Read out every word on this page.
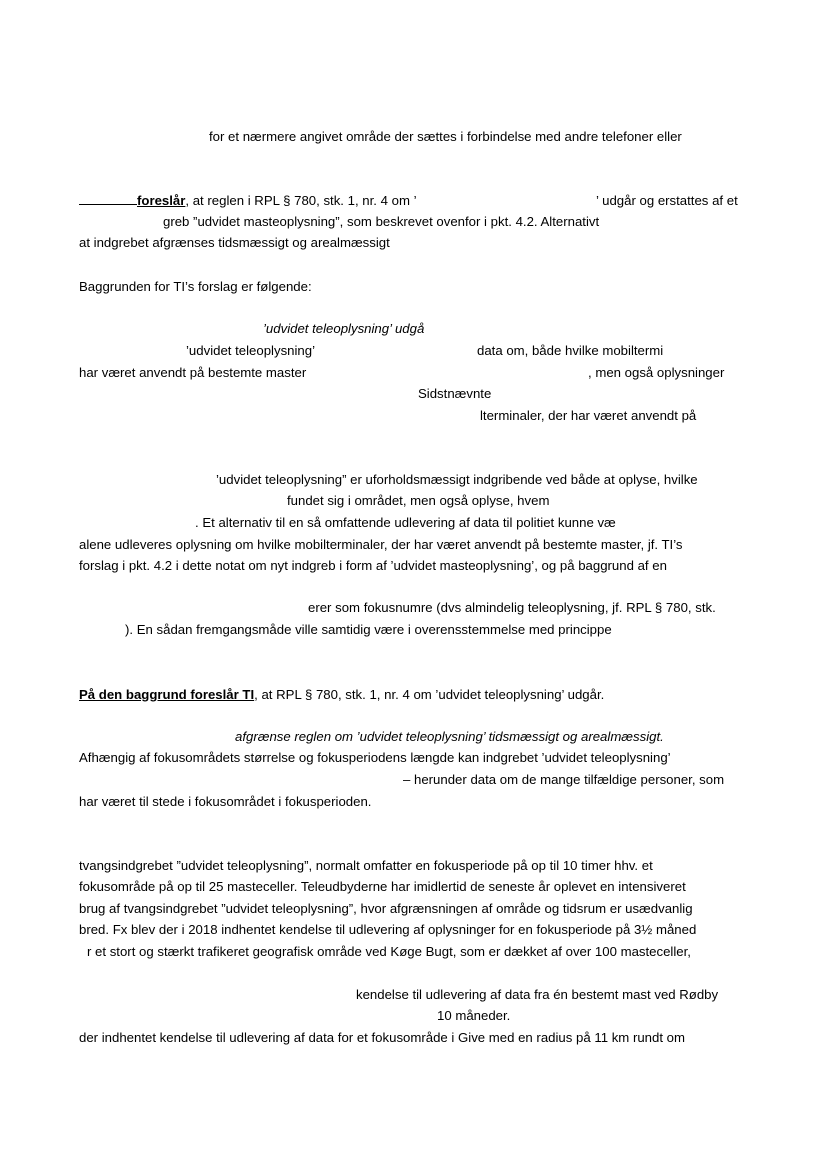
for et nærmere angivet område der sættes i forbindelse med andre telefoner eller
foreslår, at reglen i RPL § 780, stk. 1, nr. 4 om ’	’ udgår og erstattes af et
greb ”udvidet masteoplysning”, som beskrevet ovenfor i pkt. 4.2. Alternativt
at indgrebet afgrænses tidsmæssigt og arealmæssigt
Baggrunden for TI’s forslag er følgende:
’udvidet teleoplysning’ udgå
’udvidet teleoplysning’	data om, både hvilke mobiltermi
har været anvendt på bestemte master	, men også oplysninger
Sidstnævnte
lterminaler, der har været anvendt på
’udvidet teleoplysning” er uforholdsmæssigt indgribende ved både at oplyse, hvilke
fundet sig i området, men også oplyse, hvem
. Et alternativ til en så omfattende udlevering af data til politiet kunne væ
alene udleveres oplysning om hvilke mobilterminaler, der har været anvendt på bestemte master, jf. TI’s
forslag i pkt. 4.2 i dette notat om nyt indgreb i form af ’udvidet masteoplysning’, og på baggrund af en
erer som fokusnumre (dvs almindelig teleoplysning, jf. RPL § 780, stk.
). En sådan fremgangsmåde ville samtidig være i overensstemmelse med princippe
På den baggrund foreslår TI, at RPL § 780, stk. 1, nr. 4 om ’udvidet teleoplysning’ udgår.
afgrænse reglen om ’udvidet teleoplysning’ tidsmæssigt og arealmæssigt.
Afhængig af fokusområdets størrelse og fokusperiodens længde kan indgrebet ’udvidet teleoplysning’
– herunder data om de mange tilfældige personer, som
har været til stede i fokusområdet i fokusperioden.
tvangsindgrebet ”udvidet teleoplysning”, normalt omfatter en fokusperiode på op til 10 timer hhv. et
fokusområde på op til 25 masteceller. Teleudbyderne har imidlertid de seneste år oplevet en intensiveret
brug af tvangsindgrebet ”udvidet teleoplysning”, hvor afgrænsningen af område og tidsrum er usædvanlig
bred. Fx blev der i 2018 indhentet kendelse til udlevering af oplysninger for en fokusperiode på 3½ måned
r et stort og stærkt trafikeret geografisk område ved Køge Bugt, som er dækket af over 100 masteceller,
kendelse til udlevering af data fra én bestemt mast ved Rødby
10 måneder.
der indhentet kendelse til udlevering af data for et fokusområde i Give med en radius på 11 km rundt om
